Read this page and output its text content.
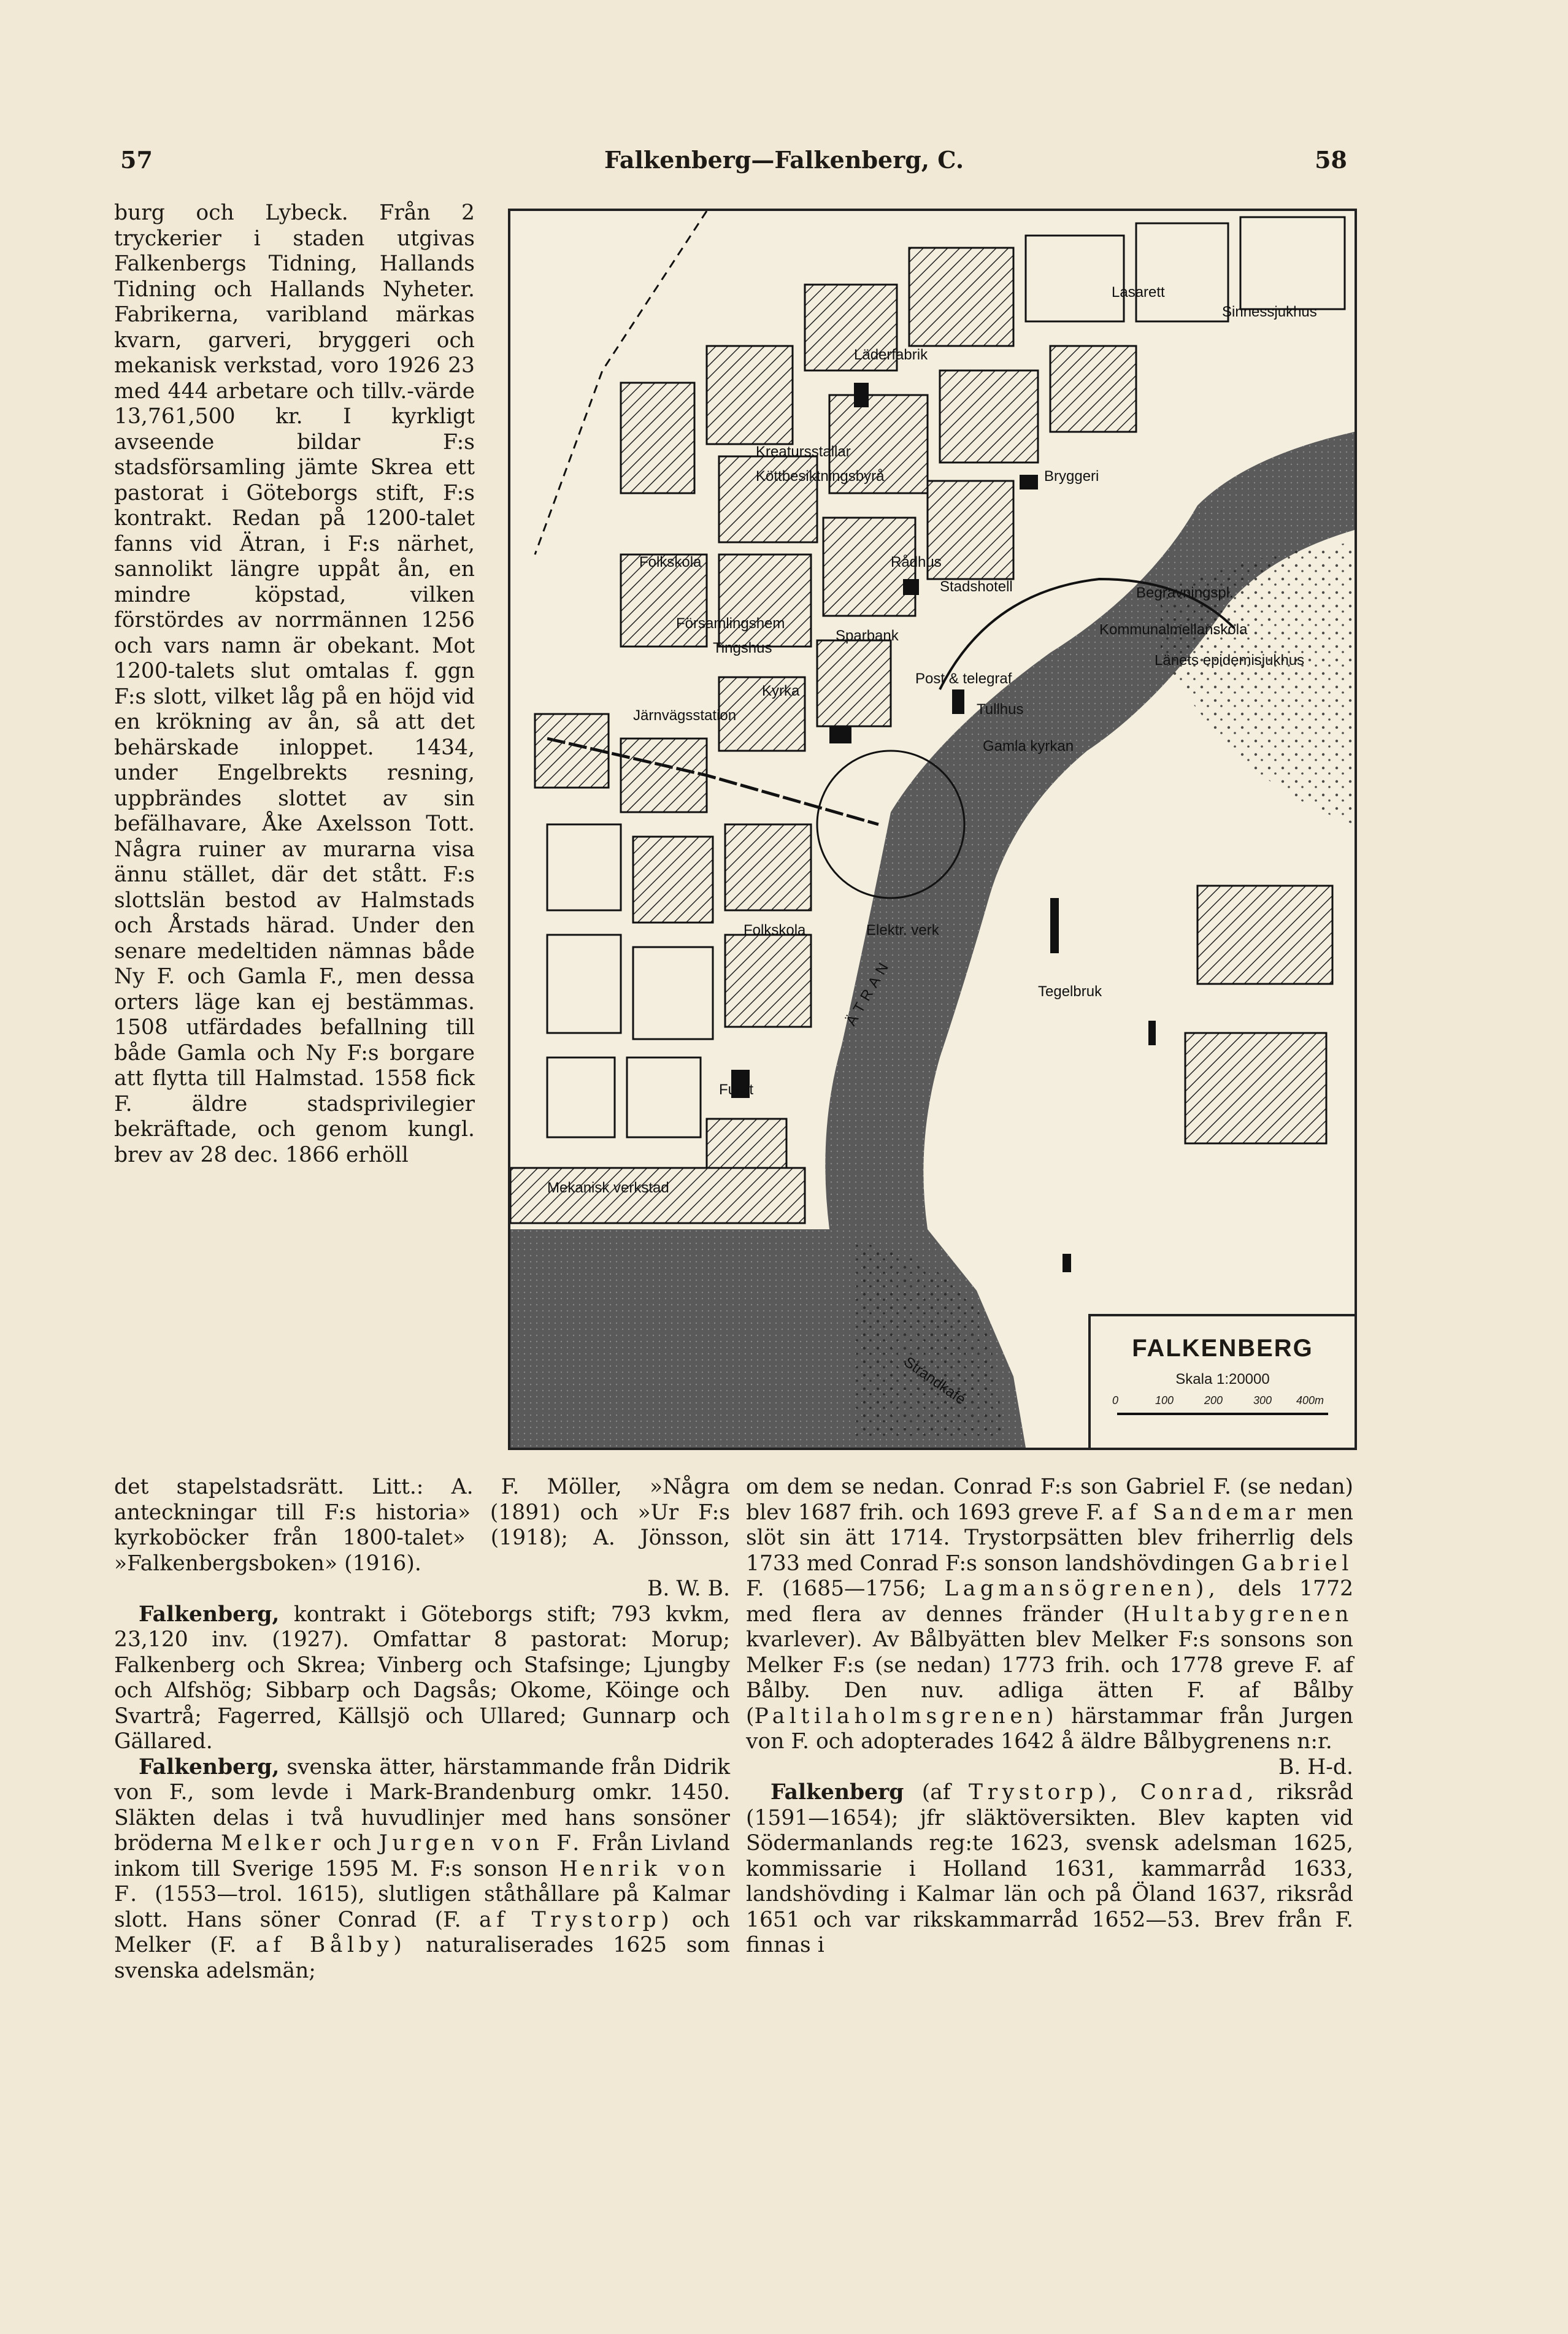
57	Falkenberg—Falkenberg, C.	58

burg och Lybeck. Från 2 tryckerier i staden utgivas Falkenbergs Tidning, Hallands Tidning och Hallands Nyheter. Fabrikerna, varibland märkas kvarn, garveri, bryggeri och mekanisk verkstad, voro 1926 23 med 444 arbetare och tillv.-värde 13,761,500 kr. I kyrkligt avseende bildar F:s stadsförsamling jämte Skrea ett pastorat i Göteborgs stift, F:s kontrakt. Redan på 1200-talet fanns vid Ätran, i F:s närhet, sannolikt längre uppåt ån, en mindre köpstad, vilken förstördes av norrmännen 1256 och vars namn är obekant. Mot 1200-talets slut omtalas f. ggn F:s slott, vilket låg på en höjd vid en krökning av ån, så att det behärskade inloppet. 1434, under Engelbrekts resning, uppbrändes slottet av sin befälhavare, Åke Axelsson Tott. Några ruiner av murarna visa ännu stället, där det stått. F:s slottslän bestod av Halmstads och Årstads härad. Under den senare medeltiden nämnas både Ny F. och Gamla F., men dessa orters läge kan ej bestämmas. 1508 utfärdades befallning till både Gamla och Ny F:s borgare att flytta till Halmstad. 1558 fick F. äldre stadsprivilegier bekräftade, och genom kungl. brev av 28 dec. 1866 erhöll

Lasarett
Läderfabrik
Sinnessjukhus
Kreatursstallar
Köttbesiktningsbyrå	Bryggeri
Folkskola	Rådhus
Stadshotell	Begravningspl.
Kommunalmellanskola
Församlingshem
Tingshus
Sparbank
Länets epidemisjukhus
Kyrka
Post & telegraf
Tullhus
Järnvägsstation
Gamla kyrkan
Folkskola	Elektr. verk
Tegelbruk
Mekanisk verkstad
ÄTRAN
Strandkafé
Furet
FALKENBERG
Skala 1:20000
0	100	200	300 400m

det stapelstadsrätt. Litt.: A. F. Möller, »Några anteckningar till F:s historia» (1891) och »Ur F:s kyrkoböcker från 1800-talet» (1918); A. Jönsson, »Falkenbergsboken» (1916).
B. W. B.

Falkenberg, kontrakt i Göteborgs stift; 793 kvkm, 23,120 inv. (1927). Omfattar 8 pastorat: Morup; Falkenberg och Skrea; Vinberg och Stafsinge; Ljungby och Alfshög; Sibbarp och Dagsås; Okome, Köinge och Svartrå; Fagerred, Källsjö och Ullared; Gunnarp och Gällared.

Falkenberg, svenska ätter, härstammande från Didrik von F., som levde i Mark-Brandenburg omkr. 1450. Släkten delas i två huvudlinjer med hans sonsöner bröderna Melker och Jurgen von F. Från Livland inkom till Sverige 1595 M. F:s sonson Henrik von F. (1553—trol. 1615), slutligen ståthållare på Kalmar slott. Hans söner Conrad (F. af Trystorp) och Melker (F. af Bålby) naturaliserades 1625 som svenska adelsmän;

om dem se nedan. Conrad F:s son Gabriel F. (se nedan) blev 1687 frih. och 1693 greve F. af Sandemar men slöt sin ätt 1714. Trystorpsätten blev friherrlig dels 1733 med Conrad F:s sonson landshövdingen Gabriel F. (1685—1756; Lagmansögrenen), dels 1772 med flera av dennes fränder (Hultabygrenen kvarlever). Av Bålbyätten blev Melker F:s sonsons son Melker F:s (se nedan) 1773 frih. och 1778 greve F. af Bålby. Den nuv. adliga ätten F. af Bålby (Paltilaholmsgrenen) härstammar från Jurgen von F. och adopterades 1642 å äldre Bålbygrenens n:r.
B. H-d.

Falkenberg (af Trystorp), Conrad, riksråd (1591—1654); jfr släktöversikten. Blev kapten vid Södermanlands reg:te 1623, svensk adelsman 1625, kommissarie i Holland 1631, kammarråd 1633, landshövding i Kalmar län och på Öland 1637, riksråd 1651 och var rikskammarråd 1652—53. Brev från F. finnas i
